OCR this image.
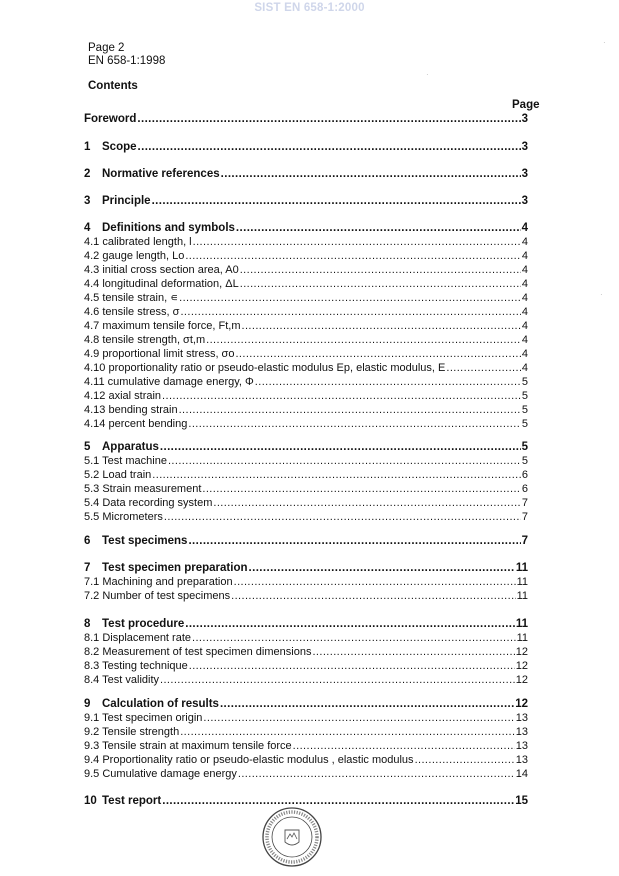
SIST EN 658-1:2000
Page 2
EN 658-1:1998
Contents
Page
Foreword .....	3
1 Scope .....	3
2 Normative references .....	3
3 Principle .....	3
4 Definitions and symbols .....	4
4.1 calibrated length, l .....	4
4.2 gauge length, Lo .....	4
4.3 initial cross section area, A0 .....	4
4.4 longitudinal deformation, ΔL .....	4
4.5 tensile strain, ∊ .....	4
4.6 tensile stress, σ .....	4
4.7 maximum tensile force, Ft,m .....	4
4.8 tensile strength, σt,m .....	4
4.9 proportional limit stress, σo .....	4
4.10 proportionality ratio or pseudo-elastic modulus Ep, elastic modulus, E .....	4
4.11 cumulative damage energy, Φ .....	5
4.12 axial strain .....	5
4.13 bending strain .....	5
4.14 percent bending .....	5
5 Apparatus .....	5
5.1 Test machine .....	5
5.2 Load train .....	6
5.3 Strain measurement .....	6
5.4 Data recording system .....	7
5.5 Micrometers .....	7
6 Test specimens .....	7
7 Test specimen preparation .....	11
7.1 Machining and preparation .....	11
7.2 Number of test specimens .....	11
8 Test procedure .....	11
8.1 Displacement rate .....	11
8.2 Measurement of test specimen dimensions .....	12
8.3 Testing technique .....	12
8.4 Test validity .....	12
9 Calculation of results .....	12
9.1 Test specimen origin .....	13
9.2 Tensile strength .....	13
9.3 Tensile strain at maximum tensile force .....	13
9.4 Proportionality ratio or pseudo-elastic modulus , elastic modulus .....	13
9.5 Cumulative damage energy .....	14
10 Test report .....	15
·
·
·
